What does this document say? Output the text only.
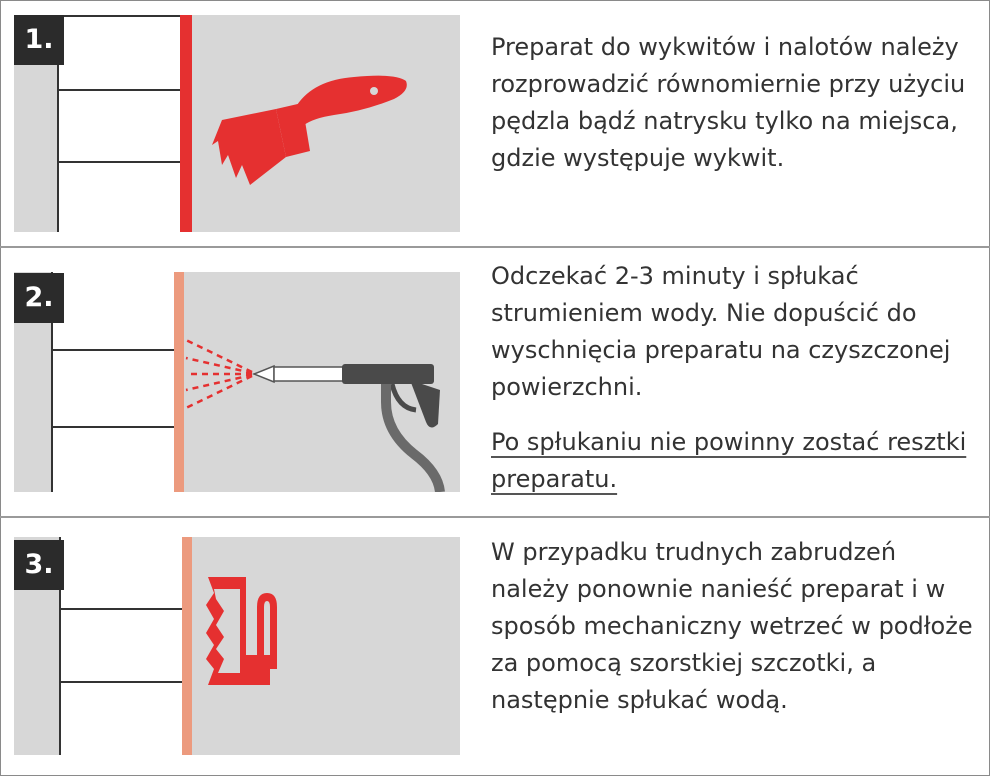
1.	Preparat do wykwitów i nalotów należy rozprowadzić równomiernie przy użyciu pędzla bądź natrysku tylko na miejsca, gdzie występuje wykwit.

2.

Odczekać 2-3 minuty i spłukać strumieniem wody. Nie dopuścić do wyschnięcia preparatu na czyszczonej powierzchni.

Po spłukaniu nie powinny zostać resztki preparatu.

3.	W przypadku trudnych zabrudzeń należy ponownie nanieść preparat i w sposób mechaniczny wetrzeć w podłoże za pomocą szorstkiej szczotki, a następnie spłukać wodą.
